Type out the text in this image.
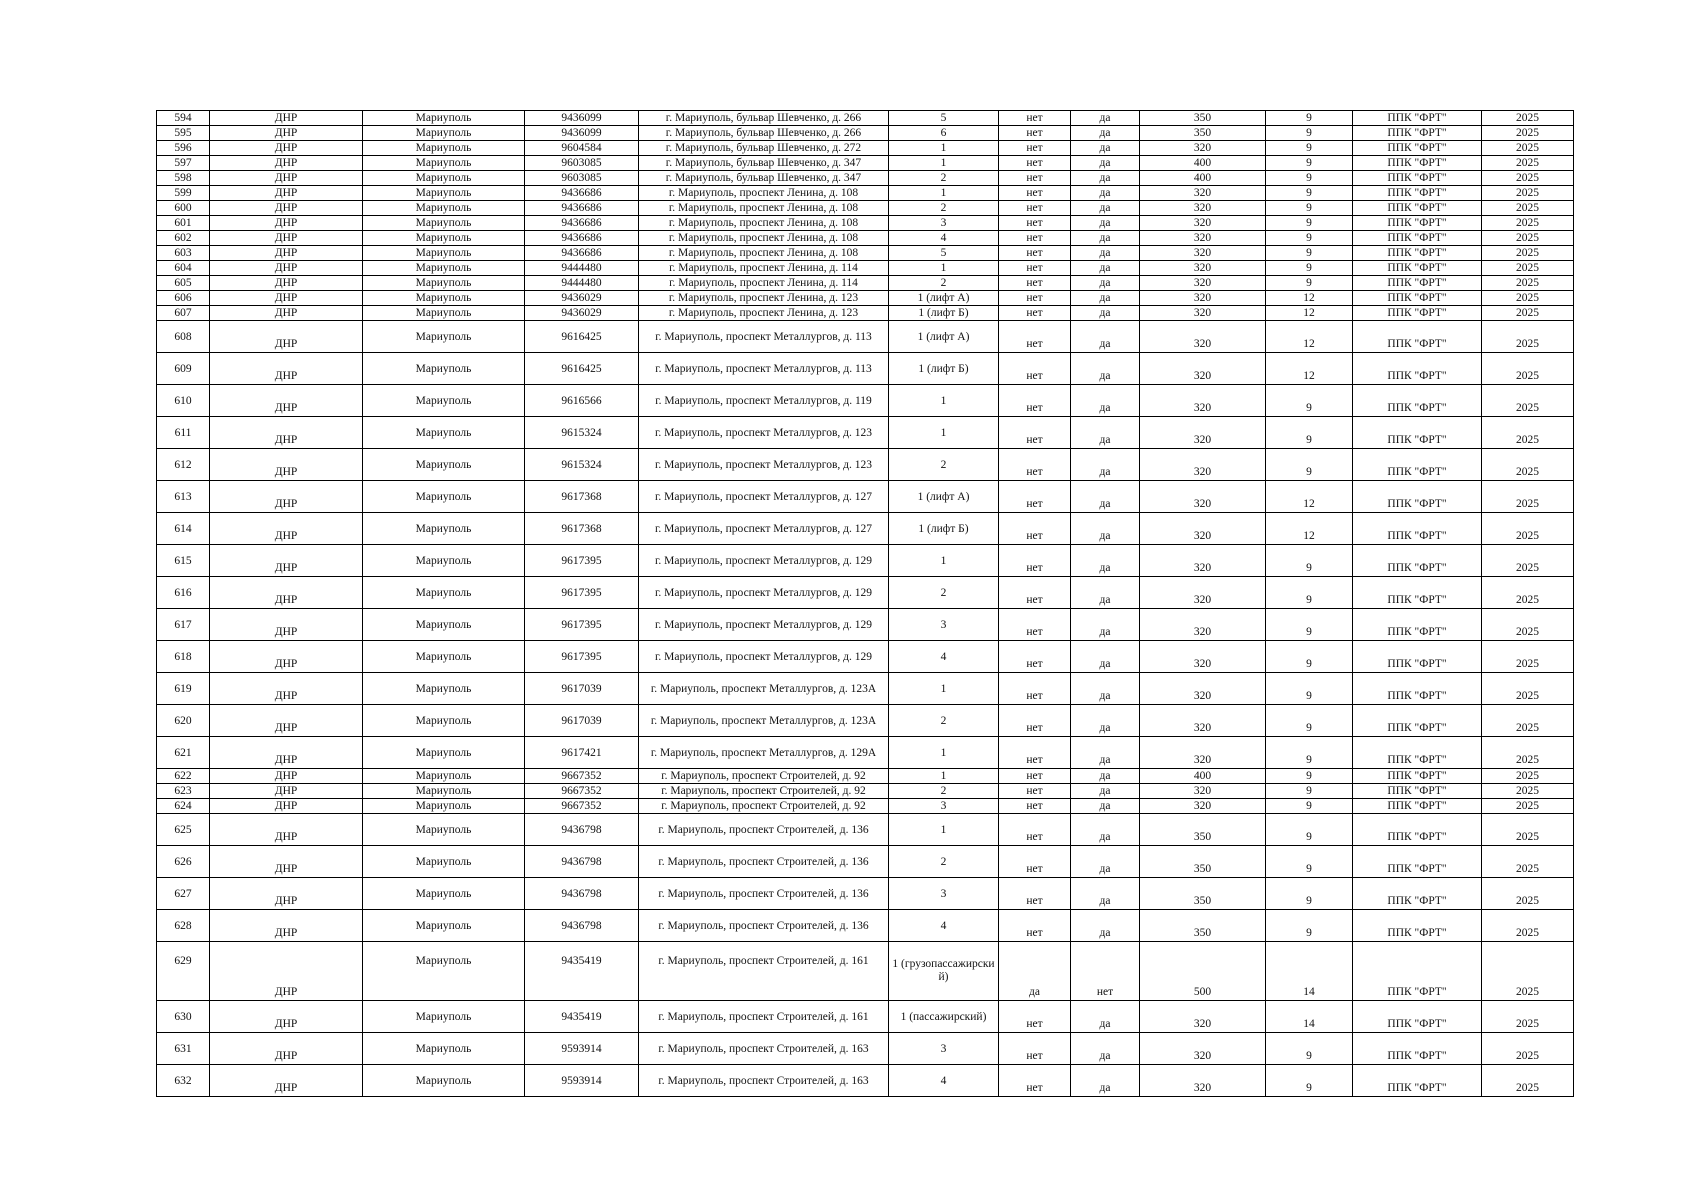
594	ДНР	Мариуполь	9436099	г. Мариуполь, бульвар Шевченко, д. 266	5	нет	да	350	9	ППК "ФРТ"	2025
595	ДНР	Мариуполь	9436099	г. Мариуполь, бульвар Шевченко, д. 266	6	нет	да	350	9	ППК "ФРТ"	2025
596	ДНР	Мариуполь	9604584	г. Мариуполь, бульвар Шевченко, д. 272	1	нет	да	320	9	ППК "ФРТ"	2025
597	ДНР	Мариуполь	9603085	г. Мариуполь, бульвар Шевченко, д. 347	1	нет	да	400	9	ППК "ФРТ"	2025
598	ДНР	Мариуполь	9603085	г. Мариуполь, бульвар Шевченко, д. 347	2	нет	да	400	9	ППК "ФРТ"	2025
599	ДНР	Мариуполь	9436686	г. Мариуполь, проспект Ленина, д. 108	1	нет	да	320	9	ППК "ФРТ"	2025
600	ДНР	Мариуполь	9436686	г. Мариуполь, проспект Ленина, д. 108	2	нет	да	320	9	ППК "ФРТ"	2025
601	ДНР	Мариуполь	9436686	г. Мариуполь, проспект Ленина, д. 108	3	нет	да	320	9	ППК "ФРТ"	2025
602	ДНР	Мариуполь	9436686	г. Мариуполь, проспект Ленина, д. 108	4	нет	да	320	9	ППК "ФРТ"	2025
603	ДНР	Мариуполь	9436686	г. Мариуполь, проспект Ленина, д. 108	5	нет	да	320	9	ППК "ФРТ"	2025
604	ДНР	Мариуполь	9444480	г. Мариуполь, проспект Ленина, д. 114	1	нет	да	320	9	ППК "ФРТ"	2025
605	ДНР	Мариуполь	9444480	г. Мариуполь, проспект Ленина, д. 114	2	нет	да	320	9	ППК "ФРТ"	2025
606	ДНР	Мариуполь	9436029	г. Мариуполь, проспект Ленина, д. 123	1 (лифт А)	нет	да	320	12	ППК "ФРТ"	2025
607	ДНР	Мариуполь	9436029	г. Мариуполь, проспект Ленина, д. 123	1 (лифт Б)	нет	да	320	12	ППК "ФРТ"	2025
608	ДНР	Мариуполь	9616425	г. Мариуполь, проспект Металлургов, д. 113	1 (лифт А)	нет	да	320	12	ППК "ФРТ"	2025
609	ДНР	Мариуполь	9616425	г. Мариуполь, проспект Металлургов, д. 113	1 (лифт Б)	нет	да	320	12	ППК "ФРТ"	2025
610	ДНР	Мариуполь	9616566	г. Мариуполь, проспект Металлургов, д. 119	1	нет	да	320	9	ППК "ФРТ"	2025
611	ДНР	Мариуполь	9615324	г. Мариуполь, проспект Металлургов, д. 123	1	нет	да	320	9	ППК "ФРТ"	2025
612	ДНР	Мариуполь	9615324	г. Мариуполь, проспект Металлургов, д. 123	2	нет	да	320	9	ППК "ФРТ"	2025
613	ДНР	Мариуполь	9617368	г. Мариуполь, проспект Металлургов, д. 127	1 (лифт А)	нет	да	320	12	ППК "ФРТ"	2025
614	ДНР	Мариуполь	9617368	г. Мариуполь, проспект Металлургов, д. 127	1 (лифт Б)	нет	да	320	12	ППК "ФРТ"	2025
615	ДНР	Мариуполь	9617395	г. Мариуполь, проспект Металлургов, д. 129	1	нет	да	320	9	ППК "ФРТ"	2025
616	ДНР	Мариуполь	9617395	г. Мариуполь, проспект Металлургов, д. 129	2	нет	да	320	9	ППК "ФРТ"	2025
617	ДНР	Мариуполь	9617395	г. Мариуполь, проспект Металлургов, д. 129	3	нет	да	320	9	ППК "ФРТ"	2025
618	ДНР	Мариуполь	9617395	г. Мариуполь, проспект Металлургов, д. 129	4	нет	да	320	9	ППК "ФРТ"	2025
619	ДНР	Мариуполь	9617039	г. Мариуполь, проспект Металлургов, д. 123А	1	нет	да	320	9	ППК "ФРТ"	2025
620	ДНР	Мариуполь	9617039	г. Мариуполь, проспект Металлургов, д. 123А	2	нет	да	320	9	ППК "ФРТ"	2025
621	ДНР	Мариуполь	9617421	г. Мариуполь, проспект Металлургов, д. 129А	1	нет	да	320	9	ППК "ФРТ"	2025
622	ДНР	Мариуполь	9667352	г. Мариуполь, проспект Строителей, д. 92	1	нет	да	400	9	ППК "ФРТ"	2025
623	ДНР	Мариуполь	9667352	г. Мариуполь, проспект Строителей, д. 92	2	нет	да	320	9	ППК "ФРТ"	2025
624	ДНР	Мариуполь	9667352	г. Мариуполь, проспект Строителей, д. 92	3	нет	да	320	9	ППК "ФРТ"	2025
625	ДНР	Мариуполь	9436798	г. Мариуполь, проспект Строителей, д. 136	1	нет	да	350	9	ППК "ФРТ"	2025
626	ДНР	Мариуполь	9436798	г. Мариуполь, проспект Строителей, д. 136	2	нет	да	350	9	ППК "ФРТ"	2025
627	ДНР	Мариуполь	9436798	г. Мариуполь, проспект Строителей, д. 136	3	нет	да	350	9	ППК "ФРТ"	2025
628	ДНР	Мариуполь	9436798	г. Мариуполь, проспект Строителей, д. 136	4	нет	да	350	9	ППК "ФРТ"	2025
629	ДНР	Мариуполь	9435419	г. Мариуполь, проспект Строителей, д. 161	1 (грузопассажирский)	да	нет	500	14	ППК "ФРТ"	2025
630	ДНР	Мариуполь	9435419	г. Мариуполь, проспект Строителей, д. 161	1 (пассажирский)	нет	да	320	14	ППК "ФРТ"	2025
631	ДНР	Мариуполь	9593914	г. Мариуполь, проспект Строителей, д. 163	3	нет	да	320	9	ППК "ФРТ"	2025
632	ДНР	Мариуполь	9593914	г. Мариуполь, проспект Строителей, д. 163	4	нет	да	320	9	ППК "ФРТ"	2025
